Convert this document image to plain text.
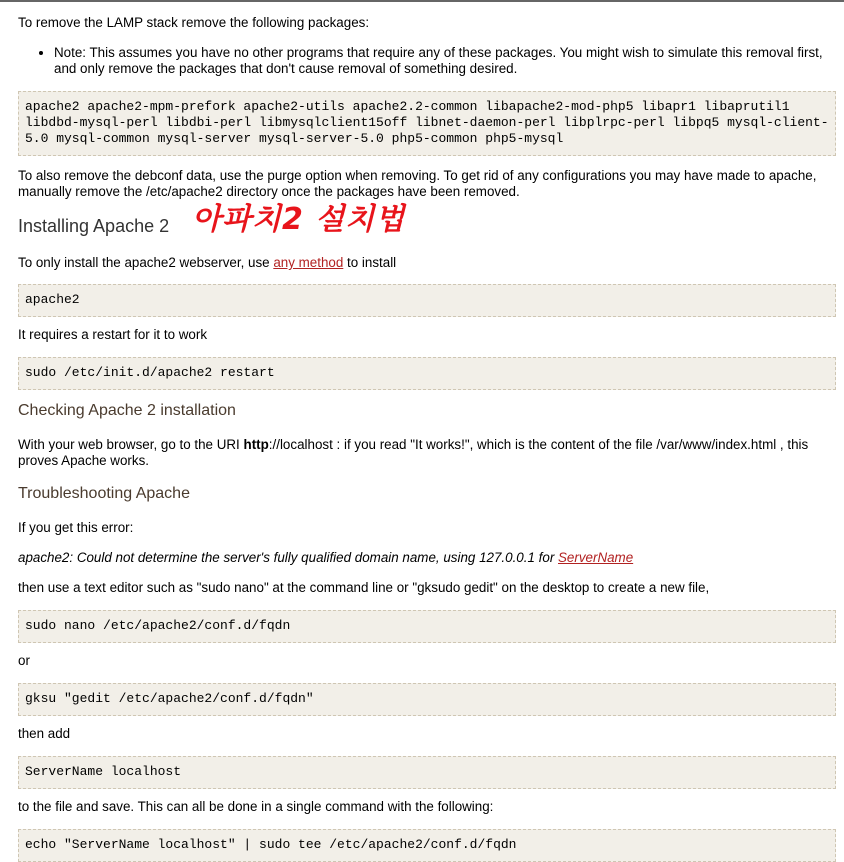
To remove the LAMP stack remove the following packages:

• Note: This assumes you have no other programs that require any of these packages. You might wish to simulate this removal first, and only remove the packages that don't cause removal of something desired.
apache2 apache2-mpm-prefork apache2-utils apache2.2-common libapache2-mod-php5 libapr1 libaprutil1 libdbd-mysql-perl libdbi-perl libmysqlclient15off libnet-daemon-perl libplrpc-perl libpq5 mysql-client-5.0 mysql-common mysql-server mysql-server-5.0 php5-common php5-mysql

To also remove the debconf data, use the purge option when removing. To get rid of any configurations you may have made to apache, manually remove the /etc/apache2 directory once the packages have been removed.

Installing Apache 2 아파치2 설치법

To only install the apache2 webserver, use any method to install

apache2

It requires a restart for it to work

sudo /etc/init.d/apache2 restart
Checking Apache 2 installation

With your web browser, go to the URI http://localhost : if you read "It works!", which is the content of the file /var/www/index.html , this proves Apache works.

Troubleshooting Apache

If you get this error:

apache2: Could not determine the server's fully qualified domain name, using 127.0.0.1 for ServerName

then use a text editor such as "sudo nano" at the command line or "gksudo gedit" on the desktop to create a new file,

sudo nano /etc/apache2/conf.d/fqdn

or

gksu "gedit /etc/apache2/conf.d/fqdn"

then add

ServerName localhost

to the file and save. This can all be done in a single command with the following:

echo "ServerName localhost" | sudo tee /etc/apache2/conf.d/fqdn
